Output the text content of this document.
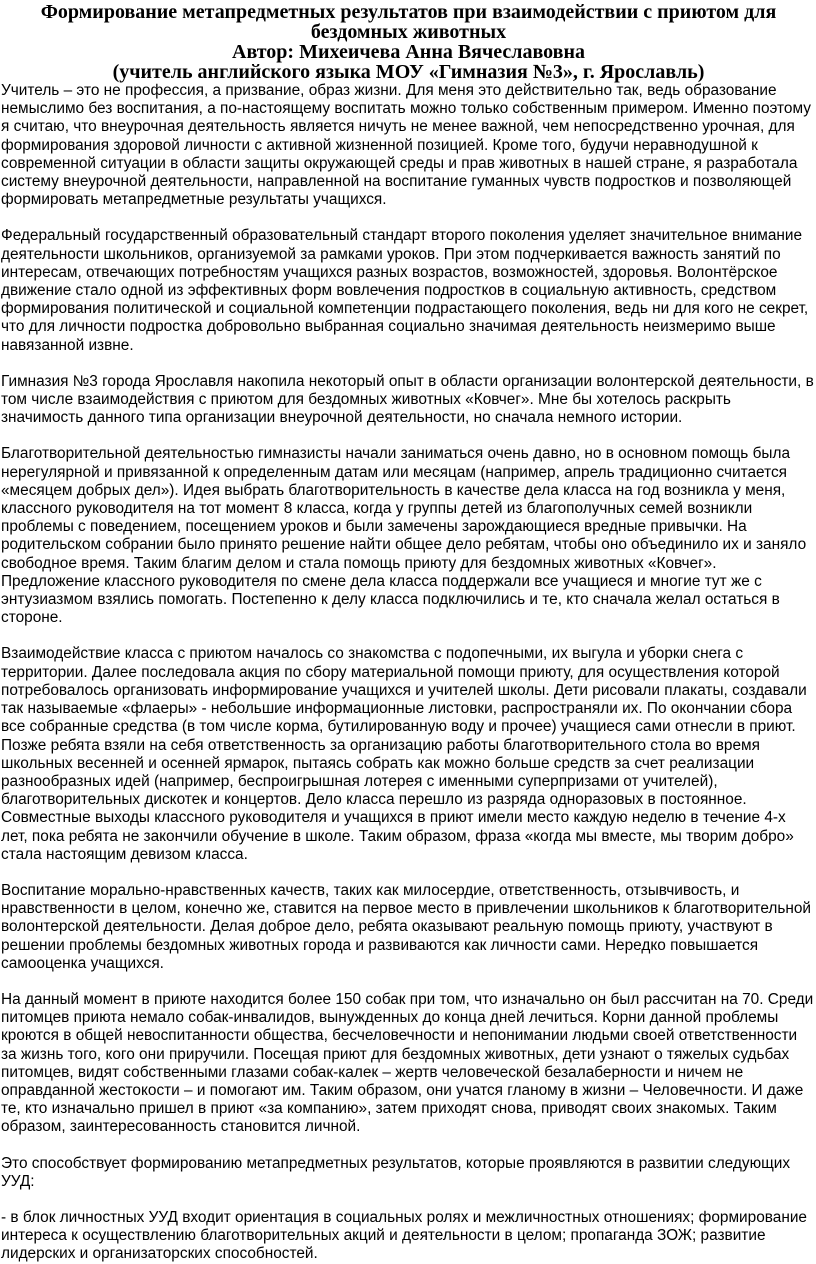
Формирование метапредметных результатов при взаимодействии с приютом для
бездомных животных
Автор: Михеичева Анна Вячеславовна
(учитель английского языка МОУ «Гимназия №3», г. Ярославль)

Учитель – это не профессия, а призвание, образ жизни. Для меня это действительно так, ведь образование немыслимо без воспитания, а по-настоящему воспитать можно только собственным примером. Именно поэтому я считаю, что внеурочная деятельность является ничуть не менее важной, чем непосредственно урочная, для формирования здоровой личности с активной жизненной позицией. Кроме того, будучи неравнодушной к современной ситуации в области защиты окружающей среды и прав животных в нашей стране, я разработала систему внеурочной деятельности, направленной на воспитание гуманных чувств подростков и позволяющей формировать метапредметные результаты учащихся.

Федеральный государственный образовательный стандарт второго поколения уделяет значительное внимание деятельности школьников, организуемой за рамками уроков. При этом подчеркивается важность занятий по интересам, отвечающих потребностям учащихся разных возрастов, возможностей, здоровья. Волонтёрское движение стало одной из эффективных форм вовлечения подростков в социальную активность, средством формирования политической и социальной компетенции подрастающего поколения, ведь ни для кого не секрет, что для личности подростка добровольно выбранная социально значимая деятельность неизмеримо выше навязанной извне.

Гимназия №3 города Ярославля накопила некоторый опыт в области организации волонтерской деятельности, в том числе взаимодействия с приютом для бездомных животных «Ковчег». Мне бы хотелось раскрыть значимость данного типа организации внеурочной деятельности, но сначала немного истории.

Благотворительной деятельностью гимназисты начали заниматься очень давно, но в основном помощь была нерегулярной и привязанной к определенным датам или месяцам (например, апрель традиционно считается «месяцем добрых дел»). Идея выбрать благотворительность в качестве дела класса на год возникла у меня, классного руководителя на тот момент 8 класса, когда у группы детей из благополучных семей возникли проблемы с поведением, посещением уроков и были замечены зарождающиеся вредные привычки. На родительском собрании было принято решение найти общее дело ребятам, чтобы оно объединило их и заняло свободное время. Таким благим делом и стала помощь приюту для бездомных животных «Ковчег». Предложение классного руководителя по смене дела класса поддержали все учащиеся и многие тут же с энтузиазмом взялись помогать. Постепенно к делу класса подключились и те, кто сначала желал остаться в стороне.

Взаимодействие класса с приютом началось со знакомства с подопечными, их выгула и уборки снега с территории. Далее последовала акция по сбору материальной помощи приюту, для осуществления которой потребовалось организовать информирование учащихся и учителей школы. Дети рисовали плакаты, создавали так называемые «флаеры» - небольшие информационные листовки, распространяли их. По окончании сбора все собранные средства (в том числе корма, бутилированную воду и прочее) учащиеся сами отнесли в приют. Позже ребята взяли на себя ответственность за организацию работы благотворительного стола во время школьных весенней и осенней ярмарок, пытаясь собрать как можно больше средств за счет реализации разнообразных идей (например, беспроигрышная лотерея с именными суперпризами от учителей), благотворительных дискотек и концертов. Дело класса перешло из разряда одноразовых в постоянное. Совместные выходы классного руководителя и учащихся в приют имели место каждую неделю в течение 4-х лет, пока ребята не закончили обучение в школе. Таким образом, фраза «когда мы вместе, мы творим добро» стала настоящим девизом класса.

Воспитание морально-нравственных качеств, таких как милосердие, ответственность, отзывчивость, и нравственности в целом, конечно же, ставится на первое место в привлечении школьников к благотворительной волонтерской деятельности. Делая доброе дело, ребята оказывают реальную помощь приюту, участвуют в решении проблемы бездомных животных города и развиваются как личности сами. Нередко повышается самооценка учащихся.

На данный момент в приюте находится более 150 собак при том, что изначально он был рассчитан на 70. Среди питомцев приюта немало собак-инвалидов, вынужденных до конца дней лечиться. Корни данной проблемы кроются в общей невоспитанности общества, бесчеловечности и непонимании людьми своей ответственности за жизнь того, кого они приручили. Посещая приют для бездомных животных, дети узнают о тяжелых судьбах питомцев, видят собственными глазами собак-калек – жертв человеческой безалаберности и ничем не оправданной жестокости – и помогают им. Таким образом, они учатся гланому в жизни – Человечности. И даже те, кто изначально пришел в приют «за компанию», затем приходят снова, приводят своих знакомых. Таким образом, заинтересованность становится личной.

Это способствует формированию метапредметных результатов, которые проявляются в развитии следующих УУД:

- в блок личностных УУД входит ориентация в социальных ролях и межличностных отношениях; формирование интереса к осуществлению благотворительных акций и деятельности в целом; пропаганда ЗОЖ; развитие лидерских и организаторских способностей.
